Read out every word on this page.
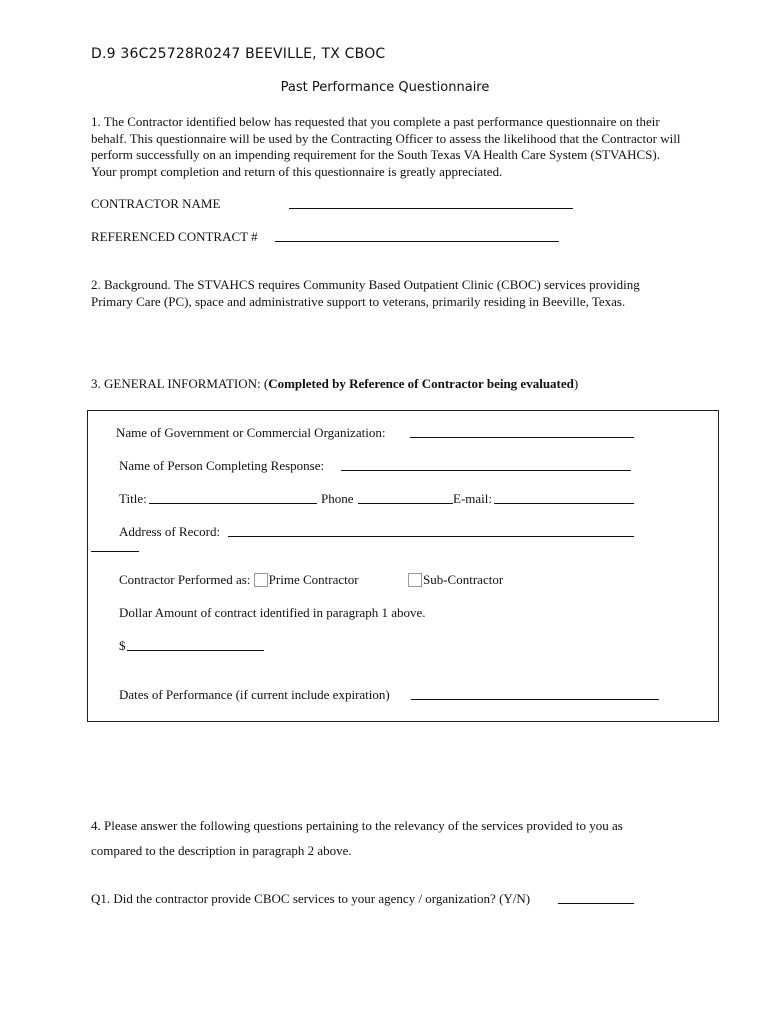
D.9 36C25728R0247 BEEVILLE, TX CBOC
Past Performance Questionnaire
1. The Contractor identified below has requested that you complete a past performance questionnaire on their behalf. This questionnaire will be used by the Contracting Officer to assess the likelihood that the Contractor will perform successfully on an impending requirement for the South Texas VA Health Care System (STVAHCS). Your prompt completion and return of this questionnaire is greatly appreciated.
CONTRACTOR NAME
REFERENCED CONTRACT #
2. Background. The STVAHCS requires Community Based Outpatient Clinic (CBOC) services providing Primary Care (PC), space and administrative support to veterans, primarily residing in Beeville, Texas.
3. GENERAL INFORMATION: (Completed by Reference of Contractor being evaluated)
Name of Government or Commercial Organization:
Name of Person Completing Response:
Title:	Phone	E-mail:
Address of Record:
Contractor Performed as: Prime Contractor	Sub-Contractor
Dollar Amount of contract identified in paragraph 1 above.
$
Dates of Performance (if current include expiration)
4. Please answer the following questions pertaining to the relevancy of the services provided to you as
compared to the description in paragraph 2 above.
Q1. Did the contractor provide CBOC services to your agency / organization? (Y/N)
